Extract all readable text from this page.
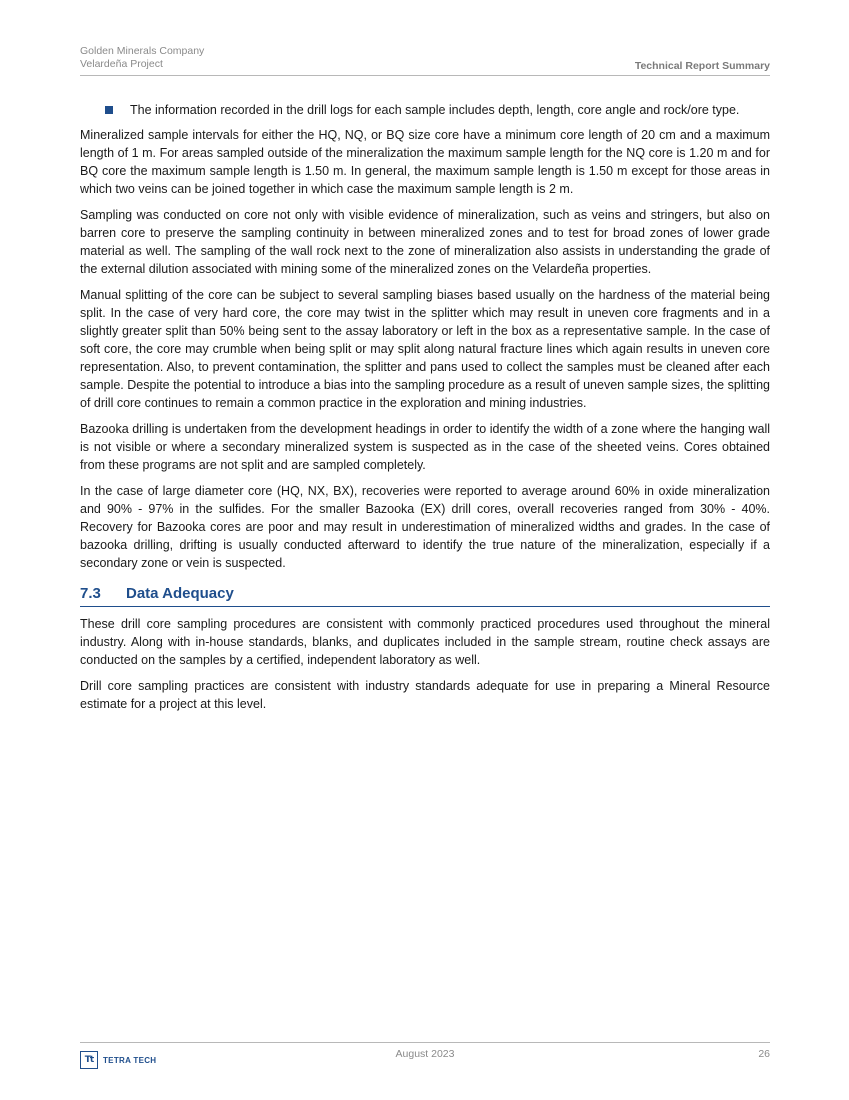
Golden Minerals Company
Velardeña Project	Technical Report Summary
The information recorded in the drill logs for each sample includes depth, length, core angle and rock/ore type.

Mineralized sample intervals for either the HQ, NQ, or BQ size core have a minimum core length of 20 cm and a maximum length of 1 m. For areas sampled outside of the mineralization the maximum sample length for the NQ core is 1.20 m and for BQ core the maximum sample length is 1.50 m. In general, the maximum sample length is 1.50 m except for those areas in which two veins can be joined together in which case the maximum sample length is 2 m.

Sampling was conducted on core not only with visible evidence of mineralization, such as veins and stringers, but also on barren core to preserve the sampling continuity in between mineralized zones and to test for broad zones of lower grade material as well. The sampling of the wall rock next to the zone of mineralization also assists in understanding the grade of the external dilution associated with mining some of the mineralized zones on the Velardeña properties.

Manual splitting of the core can be subject to several sampling biases based usually on the hardness of the material being split. In the case of very hard core, the core may twist in the splitter which may result in uneven core fragments and in a slightly greater split than 50% being sent to the assay laboratory or left in the box as a representative sample. In the case of soft core, the core may crumble when being split or may split along natural fracture lines which again results in uneven core representation. Also, to prevent contamination, the splitter and pans used to collect the samples must be cleaned after each sample. Despite the potential to introduce a bias into the sampling procedure as a result of uneven sample sizes, the splitting of drill core continues to remain a common practice in the exploration and mining industries.

Bazooka drilling is undertaken from the development headings in order to identify the width of a zone where the hanging wall is not visible or where a secondary mineralized system is suspected as in the case of the sheeted veins. Cores obtained from these programs are not split and are sampled completely.

In the case of large diameter core (HQ, NX, BX), recoveries were reported to average around 60% in oxide mineralization and 90% - 97% in the sulfides. For the smaller Bazooka (EX) drill cores, overall recoveries ranged from 30% - 40%. Recovery for Bazooka cores are poor and may result in underestimation of mineralized widths and grades. In the case of bazooka drilling, drifting is usually conducted afterward to identify the true nature of the mineralization, especially if a secondary zone or vein is suspected.

7.3 Data Adequacy

These drill core sampling procedures are consistent with commonly practiced procedures used throughout the mineral industry. Along with in-house standards, blanks, and duplicates included in the sample stream, routine check assays are conducted on the samples by a certified, independent laboratory as well.

Drill core sampling practices are consistent with industry standards adequate for use in preparing a Mineral Resource estimate for a project at this level.

Tt	TETRA TECH	August 2023	26
